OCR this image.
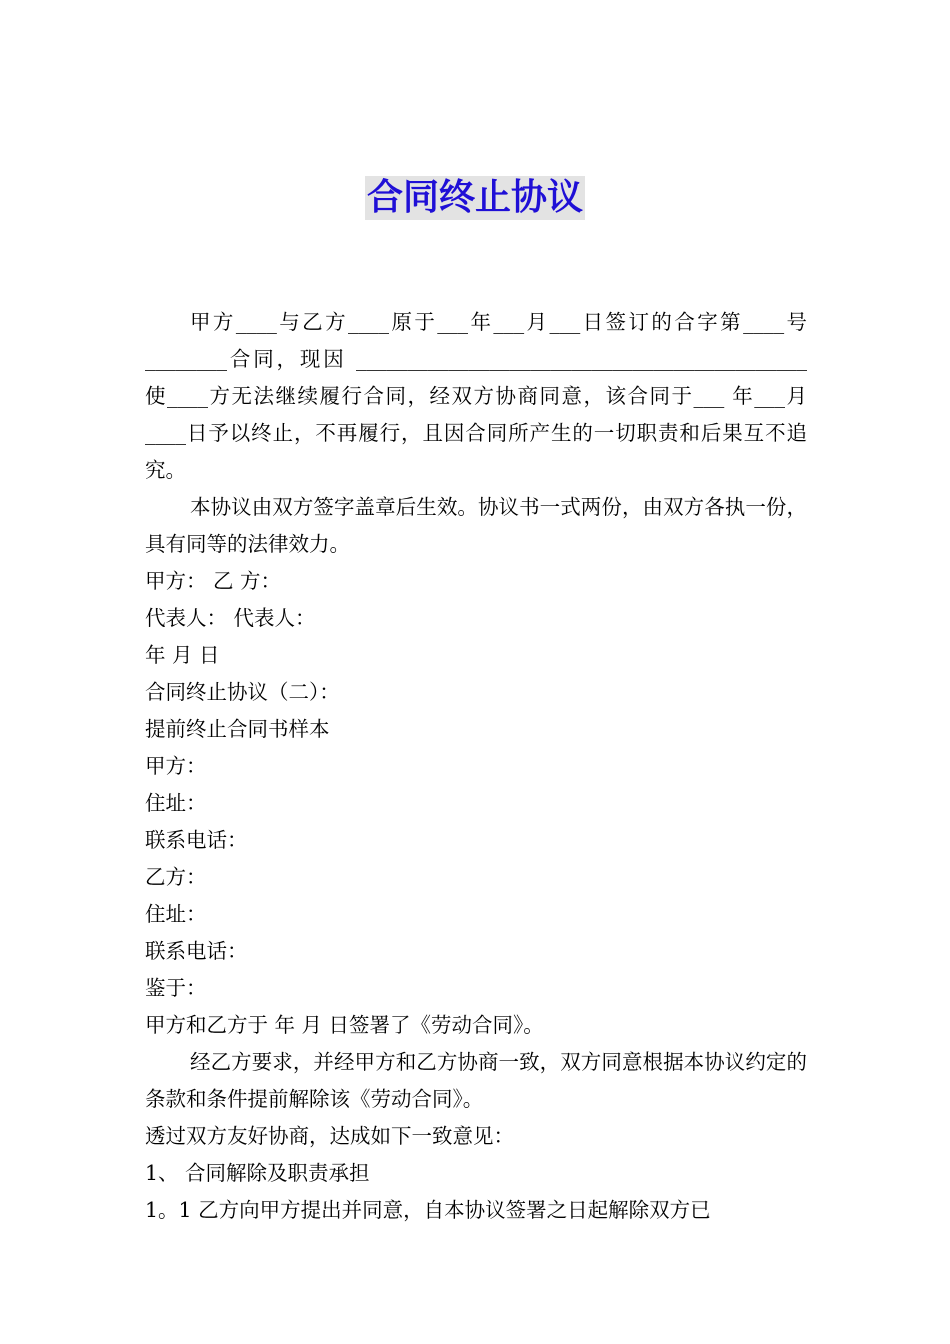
合同终止协议

甲方____与乙方____原于___年___月___日签订的合字第____号________合同，现因 ____________________________________________使____方无法继续履行合同，经双方协商同意，该合同于___ 年___月____日予以终止，不再履行，且因合同所产生的一切职责和后果互不追究。

本协议由双方签字盖章后生效。协议书一式两份，由双方各执一份，具有同等的法律效力。

甲方： 乙 方：

代表人： 代表人：

年 月 日

合同终止协议（二）：

提前终止合同书样本

甲方：

住址：

联系电话：

乙方：

住址：

联系电话：

鉴于：

甲方和乙方于 年 月 日签署了《劳动合同》。

经乙方要求，并经甲方和乙方协商一致，双方同意根据本协议约定的条款和条件提前解除该《劳动合同》。

透过双方友好协商，达成如下一致意见：

1、 合同解除及职责承担

1。1 乙方向甲方提出并同意，自本协议签署之日起解除双方已
